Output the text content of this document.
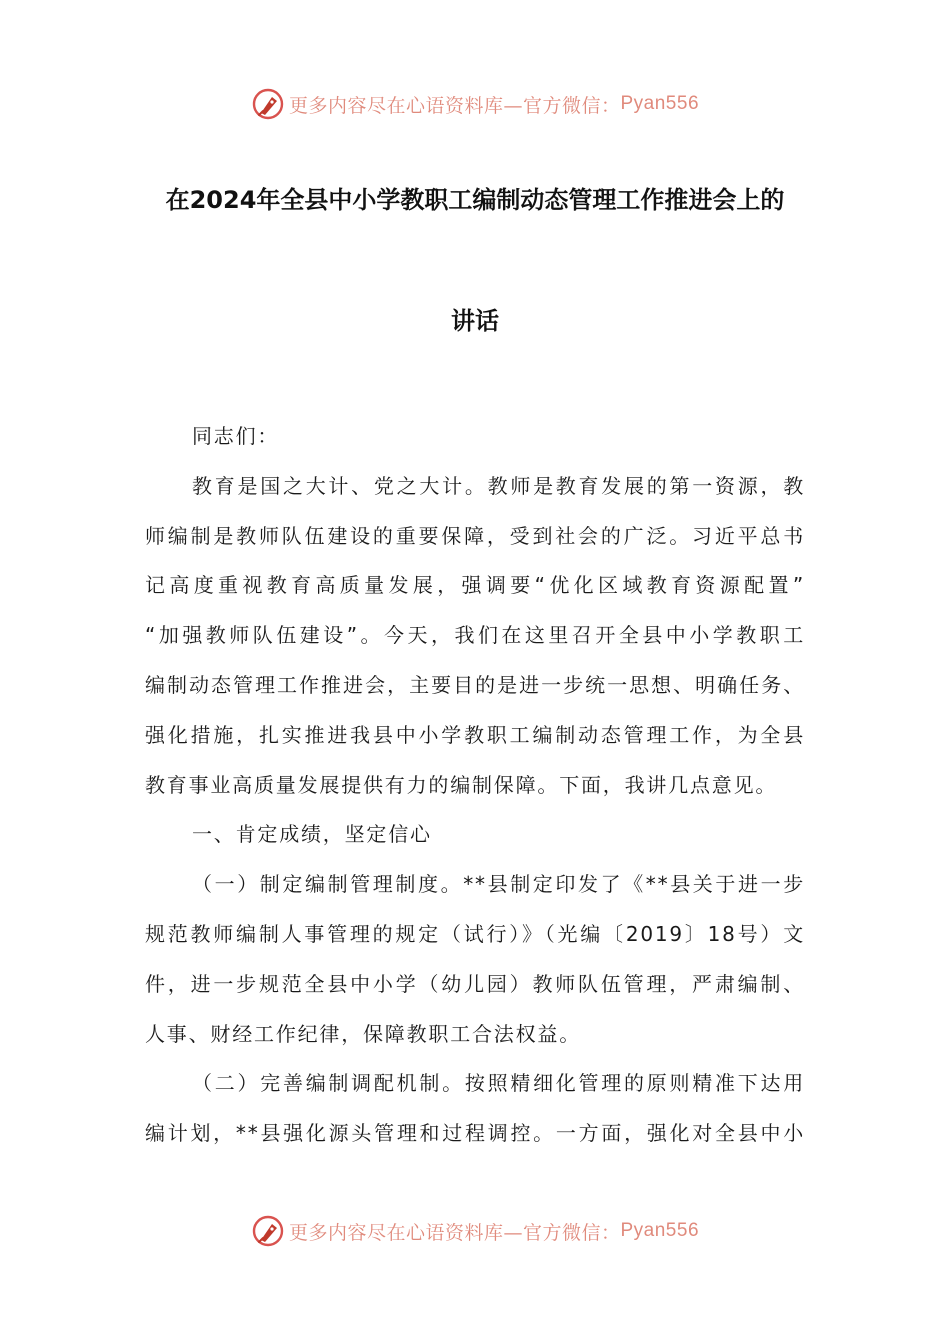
更多内容尽在心语资料库—官方微信： Pyan556
在2024年全县中小学教职工编制动态管理工作推进会上的
讲话
同志们：
教育是国之大计、党之大计。教师是教育发展的第一资源，教
师编制是教师队伍建设的重要保障，受到社会的广泛。习近平总书
记高度重视教育高质量发展，强调要“优化区域教育资源配置”
“加强教师队伍建设”。今天，我们在这里召开全县中小学教职工
编制动态管理工作推进会，主要目的是进一步统一思想、明确任务、
强化措施，扎实推进我县中小学教职工编制动态管理工作，为全县
教育事业高质量发展提供有力的编制保障。下面，我讲几点意见。
一、肯定成绩，坚定信心
（一）制定编制管理制度。**县制定印发了《**县关于进一步
规范教师编制人事管理的规定（试行）》（光编〔2019〕18号）文
件，进一步规范全县中小学（幼儿园）教师队伍管理，严肃编制、
人事、财经工作纪律，保障教职工合法权益。
（二）完善编制调配机制。按照精细化管理的原则精准下达用
编计划，**县强化源头管理和过程调控。一方面，强化对全县中小
更多内容尽在心语资料库—官方微信： Pyan556
